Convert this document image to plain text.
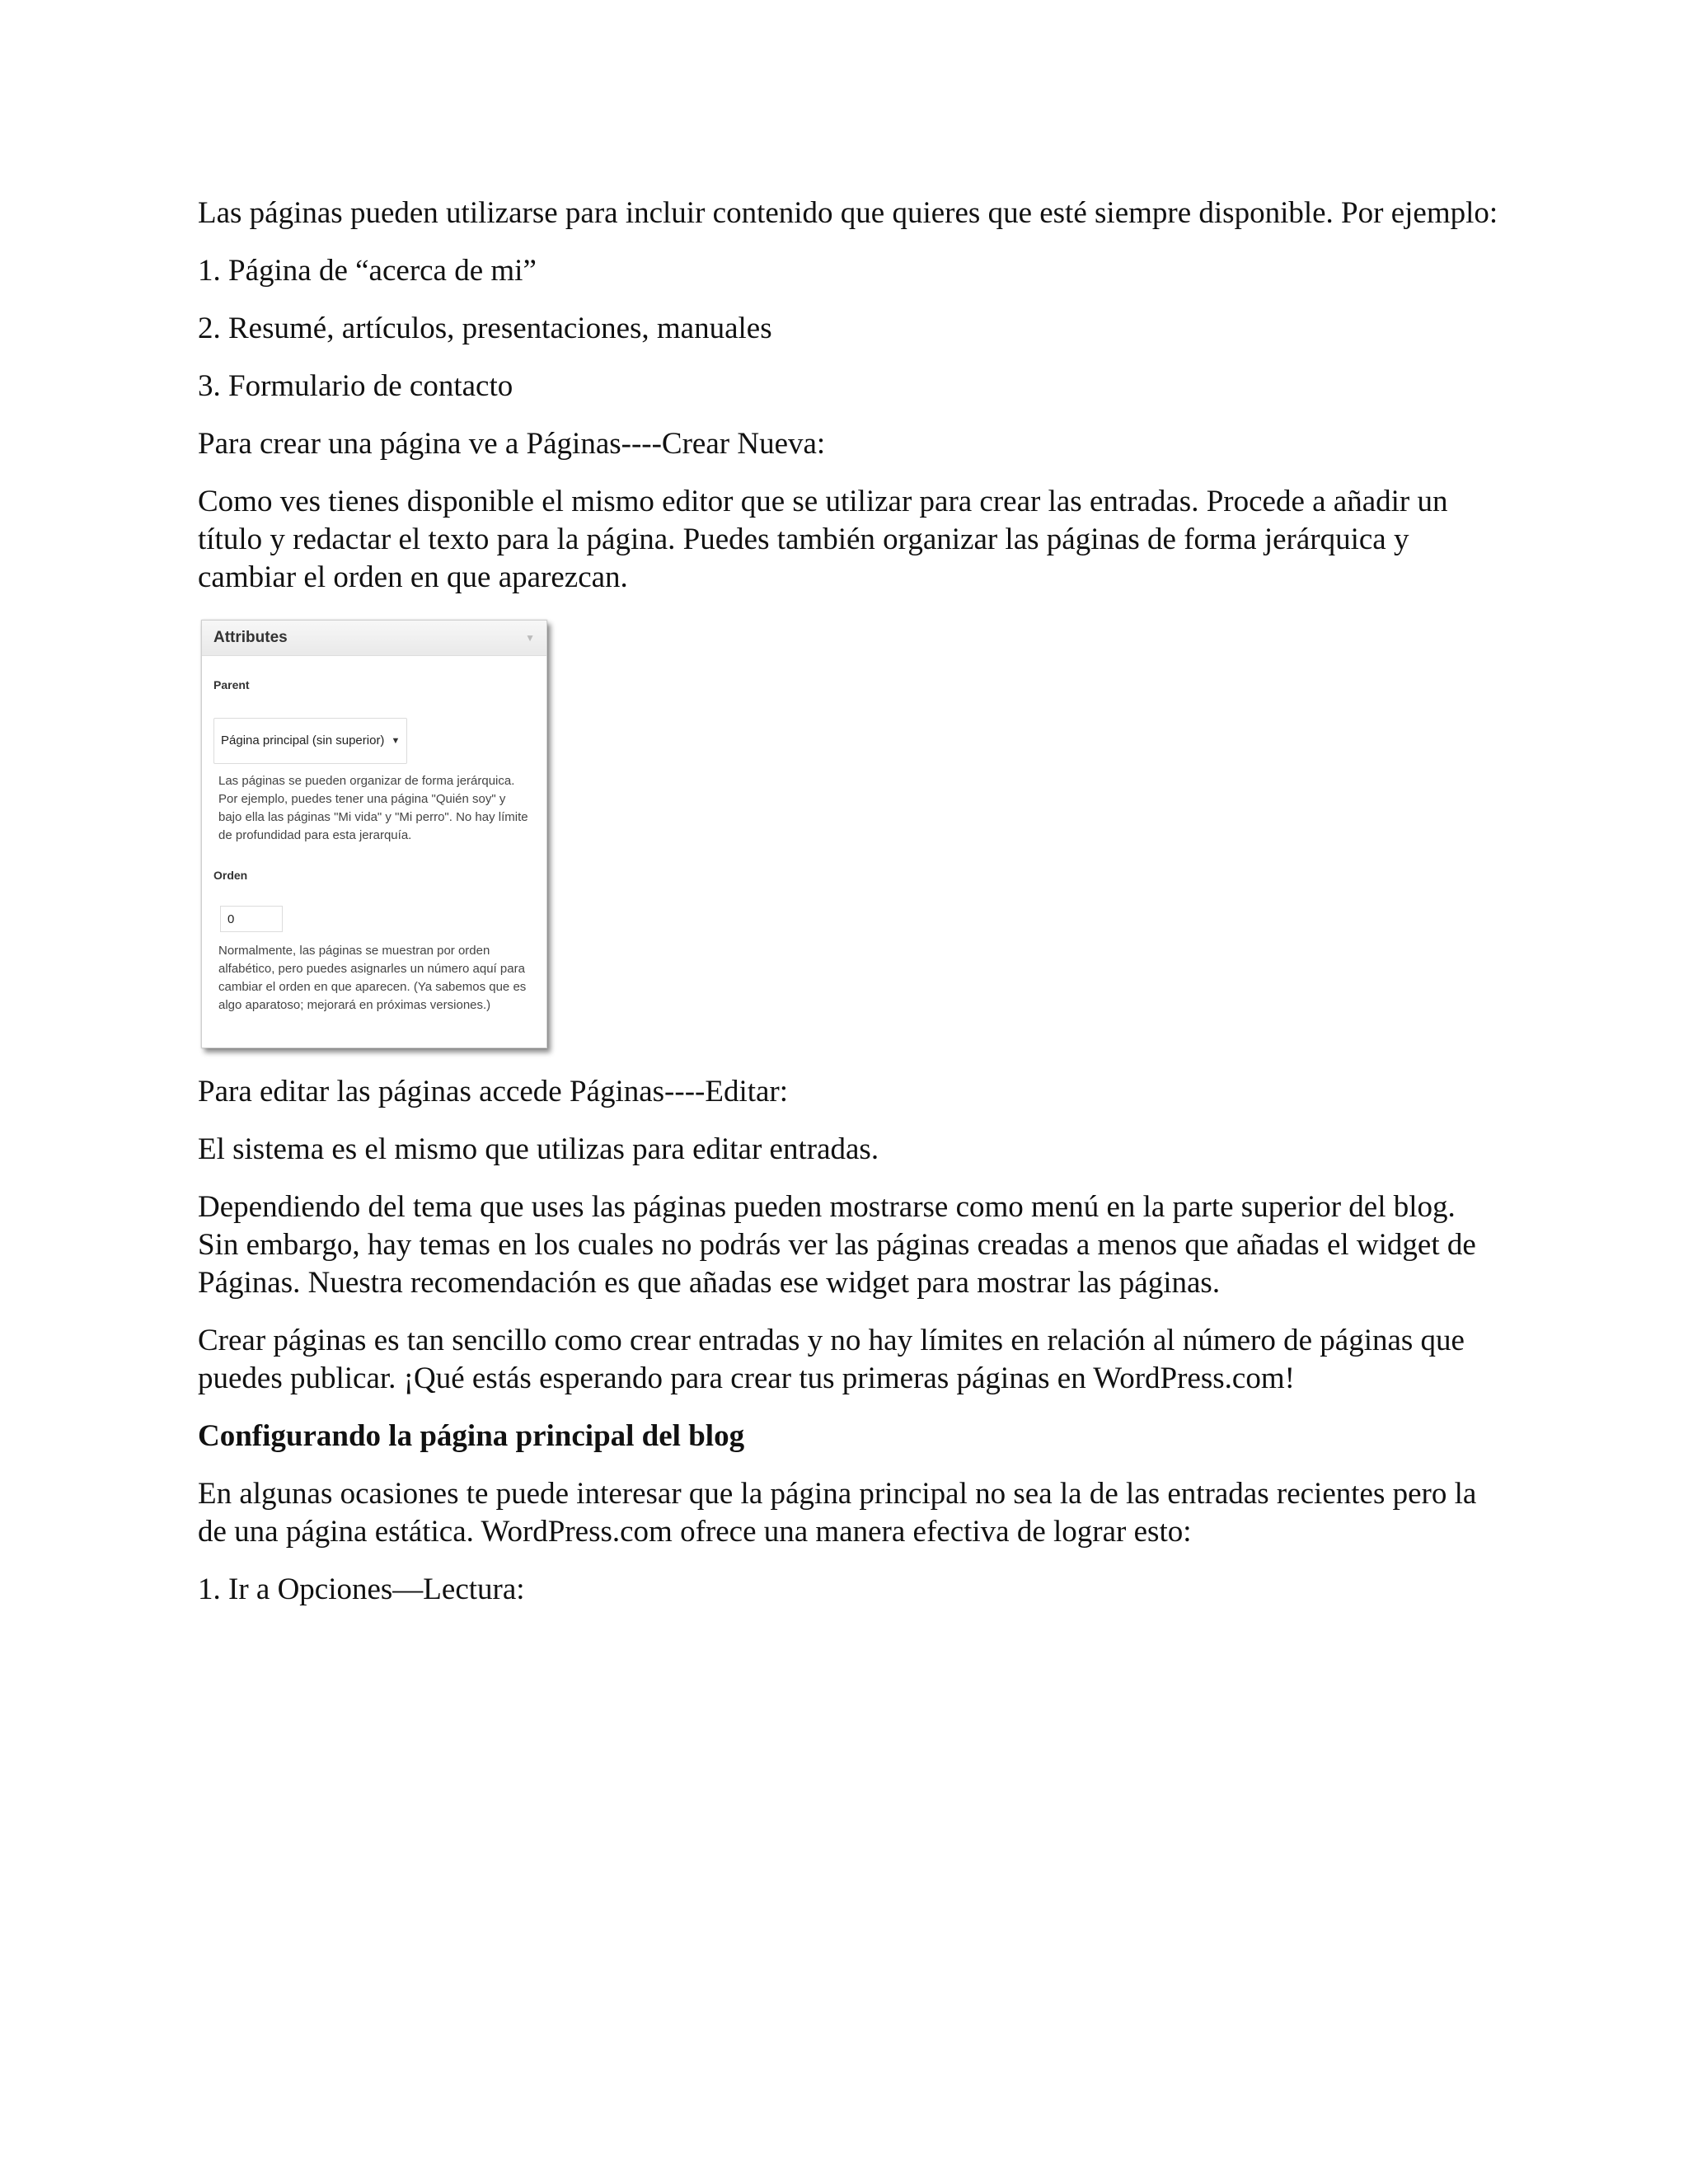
Las páginas pueden utilizarse para incluir contenido que quieres que esté siempre disponible. Por ejemplo:

1. Página de “acerca de mi”

2. Resumé, artículos, presentaciones, manuales

3. Formulario de contacto

Para crear una página ve a Páginas----Crear Nueva:

Como ves tienes disponible el mismo editor que se utilizar para crear las entradas. Procede a añadir un título y redactar el texto para la página. Puedes también organizar las páginas de forma jerárquica y cambiar el orden en que aparezcan.

Attributes	▼
Parent
Página principal (sin superior) ▼
Las páginas se pueden organizar de forma jerárquica. Por ejemplo, puedes tener una página "Quién soy" y bajo ella las páginas "Mi vida" y "Mi perro". No hay límite de profundidad para esta jerarquía.
Orden
0
Normalmente, las páginas se muestran por orden alfabético, pero puedes asignarles un número aquí para cambiar el orden en que aparecen. (Ya sabemos que es algo aparatoso; mejorará en próximas versiones.)

Para editar las páginas accede Páginas----Editar:

El sistema es el mismo que utilizas para editar entradas.

Dependiendo del tema que uses las páginas pueden mostrarse como menú en la parte superior del blog. Sin embargo, hay temas en los cuales no podrás ver las páginas creadas a menos que añadas el widget de Páginas. Nuestra recomendación es que añadas ese widget para mostrar las páginas.

Crear páginas es tan sencillo como crear entradas y no hay límites en relación al número de páginas que puedes publicar. ¡Qué estás esperando para crear tus primeras páginas en WordPress.com!

Configurando la página principal del blog

En algunas ocasiones te puede interesar que la página principal no sea la de las entradas recientes pero la de una página estática. WordPress.com ofrece una manera efectiva de lograr esto:

1. Ir a Opciones—Lectura:
